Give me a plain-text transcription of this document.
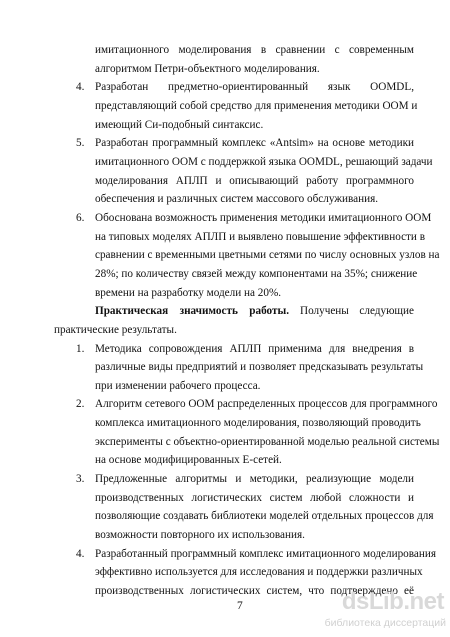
имитационного моделирования в сравнении с современным
алгоритмом Петри-объектного моделирования.
4. Разработан предметно-ориентированный язык OOMDL,
представляющий собой средство для применения методики ООМ и
имеющий Си-подобный синтаксис.
5. Разработан программный комплекс «Antsim» на основе методики
имитационного ООМ с поддержкой языка OOMDL, решающий задачи
моделирования АПЛП и описывающий работу программного
обеспечения и различных систем массового обслуживания.
6. Обоснована возможность применения методики имитационного ООМ
на типовых моделях АПЛП и выявлено повышение эффективности в
сравнении с временными цветными сетями по числу основных узлов на
28%; по количеству связей между компонентами на 35%; снижение
времени на разработку модели на 20%.
Практическая значимость работы. Получены следующие
практические результаты.
1. Методика сопровождения АПЛП применима для внедрения в
различные виды предприятий и позволяет предсказывать результаты
при изменении рабочего процесса.
2. Алгоритм сетевого ООМ распределенных процессов для программного
комплекса имитационного моделирования, позволяющий проводить
эксперименты с объектно-ориентированной моделью реальной системы
на основе модифицированных Е-сетей.
3. Предложенные алгоритмы и методики, реализующие модели
производственных логистических систем любой сложности и
позволяющие создавать библиотеки моделей отдельных процессов для
возможности повторного их использования.
4. Разработанный программный комплекс имитационного моделирования
эффективно используется для исследования и поддержки различных
производственных логистических систем, что подтверждено её
7	dsLib.net
библиотека диссертаций
